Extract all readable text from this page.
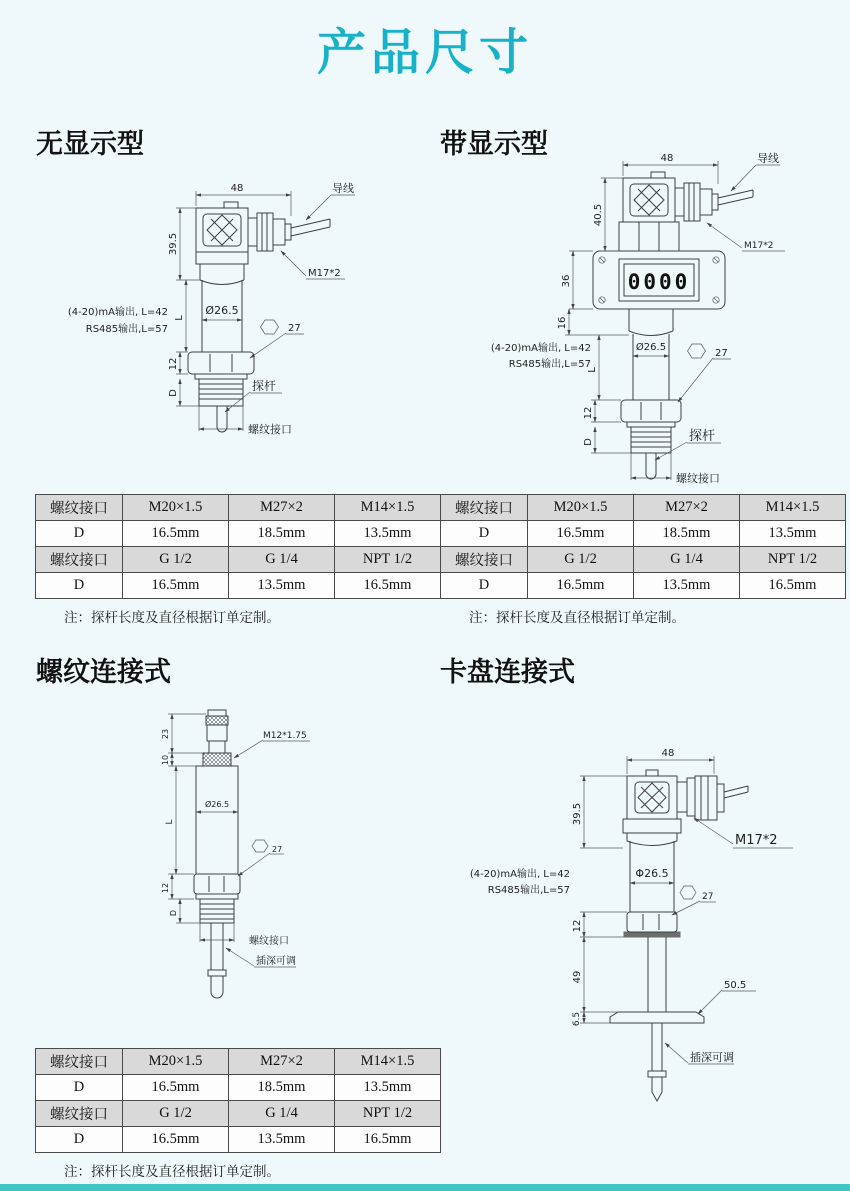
产品尺寸
无显示型	带显示型
螺纹连接式	卡盘连接式
48
39.5
导线
M17*2
Ø26.5
(4-20)mA输出, L=42
RS485输出,L=57
L
27
12
D	探杆
螺纹接口
0000
48	导线
40.5
M17*2
36
16
Ø26.5
(4-20)mA输出, L=42
RS485输出,L=57
L
27
12
D	探杆
螺纹接口
M12*1.75
23
10
L
Ø26.5
27
12
D
螺纹接口
插深可调
48
39.5
M17*2
Φ26.5
(4-20)mA输出, L=42
RS485输出,L=57
27
12
49
6.5
50.5
插深可调
螺纹接口	M20×1.5	M27×2	M14×1.5
D	16.5mm	18.5mm	13.5mm
螺纹接口	G 1/2	G 1/4	NPT 1/2
D	16.5mm	13.5mm	16.5mm
注：探杆长度及直径根据订单定制。
螺纹接口	M20×1.5	M27×2	M14×1.5
D	16.5mm	18.5mm	13.5mm
螺纹接口	G 1/2	G 1/4	NPT 1/2
D	16.5mm	13.5mm	16.5mm
注：探杆长度及直径根据订单定制。
螺纹接口	M20×1.5	M27×2	M14×1.5
D	16.5mm	18.5mm	13.5mm
螺纹接口	G 1/2	G 1/4	NPT 1/2
D	16.5mm	13.5mm	16.5mm
注：探杆长度及直径根据订单定制。
